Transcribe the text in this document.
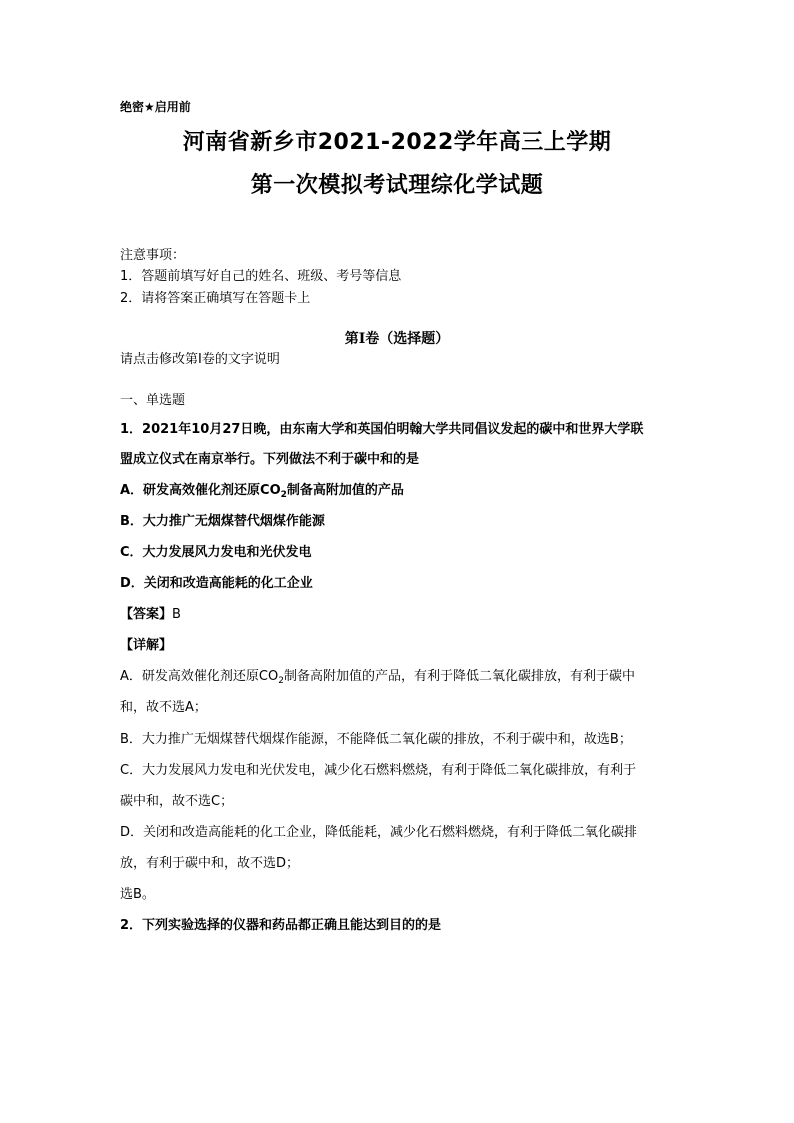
绝密★启用前
河南省新乡市2021-2022学年高三上学期
第一次模拟考试理综化学试题
注意事项：
1．答题前填写好自己的姓名、班级、考号等信息
2．请将答案正确填写在答题卡上
第I卷（选择题）
请点击修改第I卷的文字说明
一、单选题
1．2021年10月27日晚，由东南大学和英国伯明翰大学共同倡议发起的碳中和世界大学联
盟成立仪式在南京举行。下列做法不利于碳中和的是
A．研发高效催化剂还原$CO_2$制备高附加值的产品
B．大力推广无烟煤替代烟煤作能源
C．大力发展风力发电和光伏发电
D．关闭和改造高能耗的化工企业
【答案】B
【详解】
A．研发高效催化剂还原$CO_2$制备高附加值的产品，有利于降低二氧化碳排放，有利于碳中
和，故不选A；
B．大力推广无烟煤替代烟煤作能源，不能降低二氧化碳的排放，不利于碳中和，故选B；
C．大力发展风力发电和光伏发电，减少化石燃料燃烧，有利于降低二氧化碳排放，有利于
碳中和，故不选C；
D．关闭和改造高能耗的化工企业，降低能耗，减少化石燃料燃烧，有利于降低二氧化碳排
放，有利于碳中和，故不选D；
选B。
2．下列实验选择的仪器和药品都正确且能达到目的的是
